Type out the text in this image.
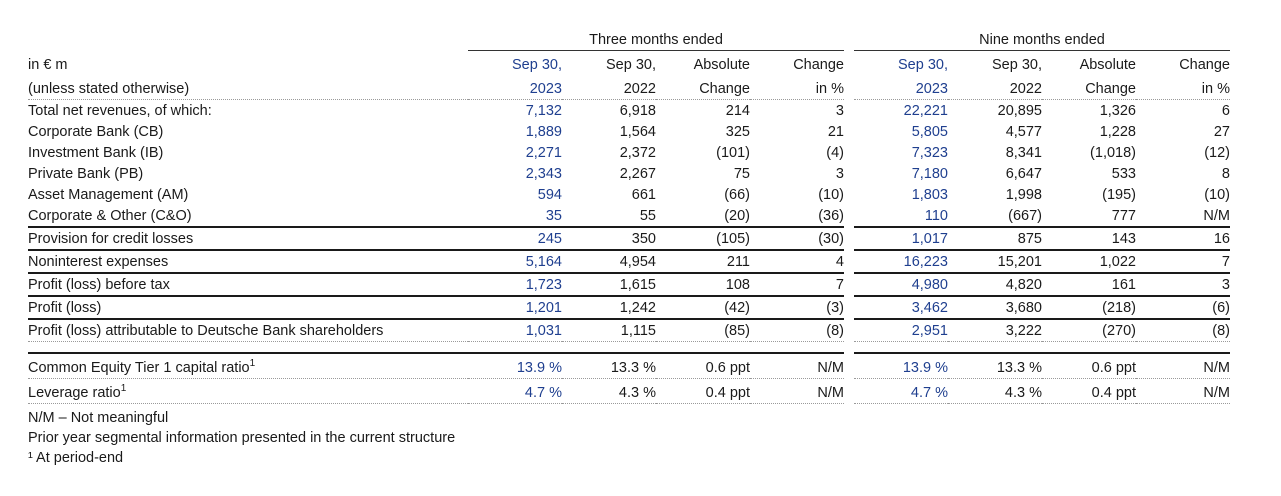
	Three months ended					Nine months ended			
in € m	Sep 30,	Sep 30,	Absolute	Change		Sep 30,	Sep 30,	Absolute	Change
(unless stated otherwise)	2023	2022	Change	in %		2023	2022	Change	in %
Total net revenues, of which:	7,132	6,918	214	3		22,221	20,895	1,326	6
Corporate Bank (CB)	1,889	1,564	325	21		5,805	4,577	1,228	27
Investment Bank (IB)	2,271	2,372	(101)	(4)		7,323	8,341	(1,018)	(12)
Private Bank (PB)	2,343	2,267	75	3		7,180	6,647	533	8
Asset Management (AM)	594	661	(66)	(10)		1,803	1,998	(195)	(10)
Corporate & Other (C&O)	35	55	(20)	(36)		110	(667)	777	N/M
Provision for credit losses	245	350	(105)	(30)		1,017	875	143	16
Noninterest expenses	5,164	4,954	211	4		16,223	15,201	1,022	7
Profit (loss) before tax	1,723	1,615	108	7		4,980	4,820	161	3
Profit (loss)	1,201	1,242	(42)	(3)		3,462	3,680	(218)	(6)
Profit (loss) attributable to Deutsche Bank shareholders	1,031	1,115	(85)	(8)		2,951	3,222	(270)	(8)

Common Equity Tier 1 capital ratio$^1$	13.9 %	13.3 %	0.6 ppt	N/M		13.9 %	13.3 %	0.6 ppt	N/M
Leverage ratio$^1$	4.7 %	4.3 %	0.4 ppt	N/M		4.7 %	4.3 %	0.4 ppt	N/M
N/M – Not meaningful
Prior year segmental information presented in the current structure
¹ At period-end
